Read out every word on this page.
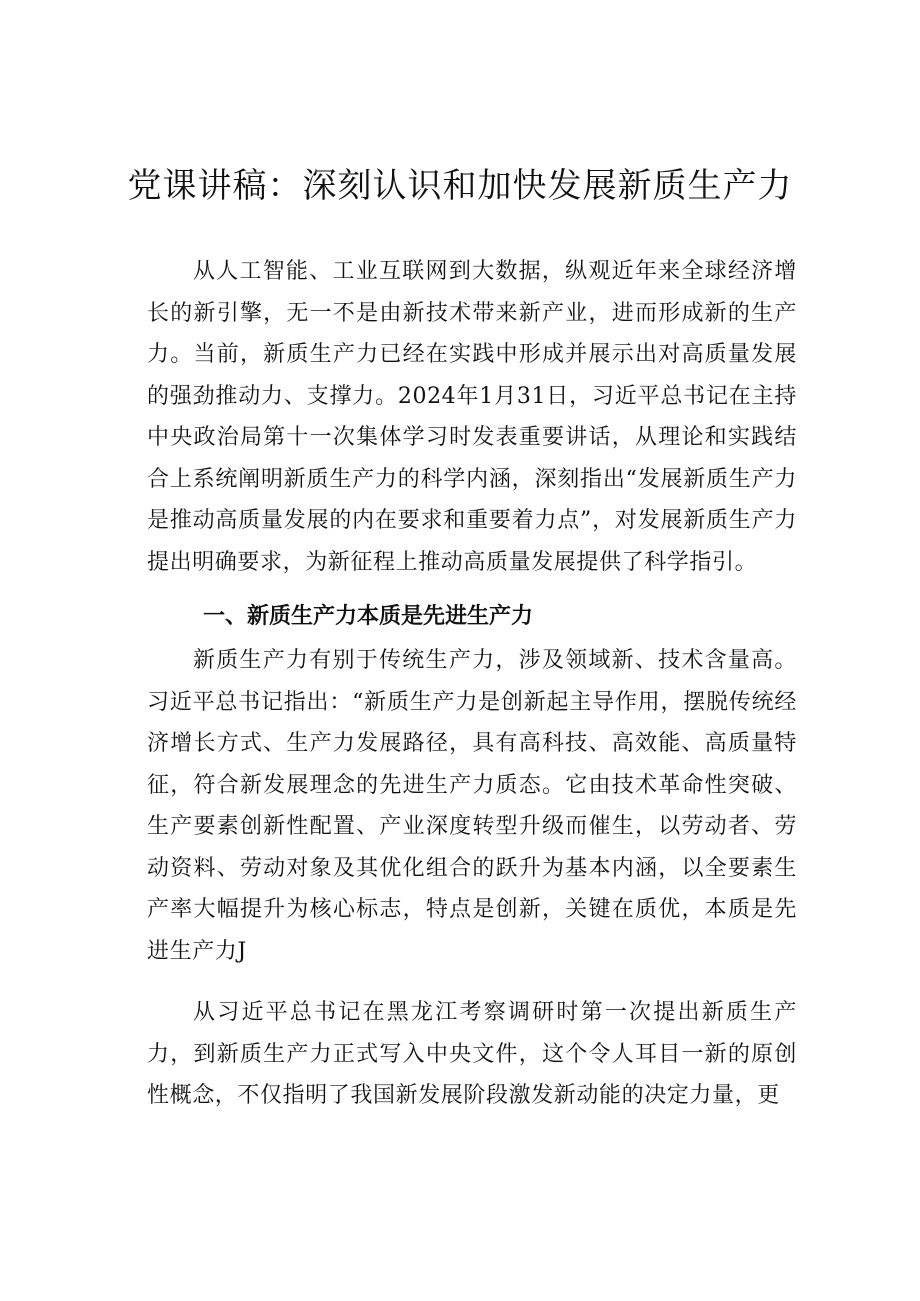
党课讲稿：深刻认识和加快发展新质生产力

从人工智能、工业互联网到大数据，纵观近年来全球经济增长的新引擎，无一不是由新技术带来新产业，进而形成新的生产力。当前，新质生产力已经在实践中形成并展示出对高质量发展的强劲推动力、支撑力。2024年1月31日，习近平总书记在主持中央政治局第十一次集体学习时发表重要讲话，从理论和实践结合上系统阐明新质生产力的科学内涵，深刻指出“发展新质生产力是推动高质量发展的内在要求和重要着力点”，对发展新质生产力提出明确要求，为新征程上推动高质量发展提供了科学指引。

一、新质生产力本质是先进生产力

新质生产力有别于传统生产力，涉及领域新、技术含量高。习近平总书记指出：“新质生产力是创新起主导作用，摆脱传统经济增长方式、生产力发展路径，具有高科技、高效能、高质量特征，符合新发展理念的先进生产力质态。它由技术革命性突破、生产要素创新性配置、产业深度转型升级而催生，以劳动者、劳动资料、劳动对象及其优化组合的跃升为基本内涵，以全要素生产率大幅提升为核心标志，特点是创新，关键在质优，本质是先进生产力J

从习近平总书记在黑龙江考察调研时第一次提出新质生产力，到新质生产力正式写入中央文件，这个令人耳目一新的原创性概念，不仅指明了我国新发展阶段激发新动能的决定力量，更
